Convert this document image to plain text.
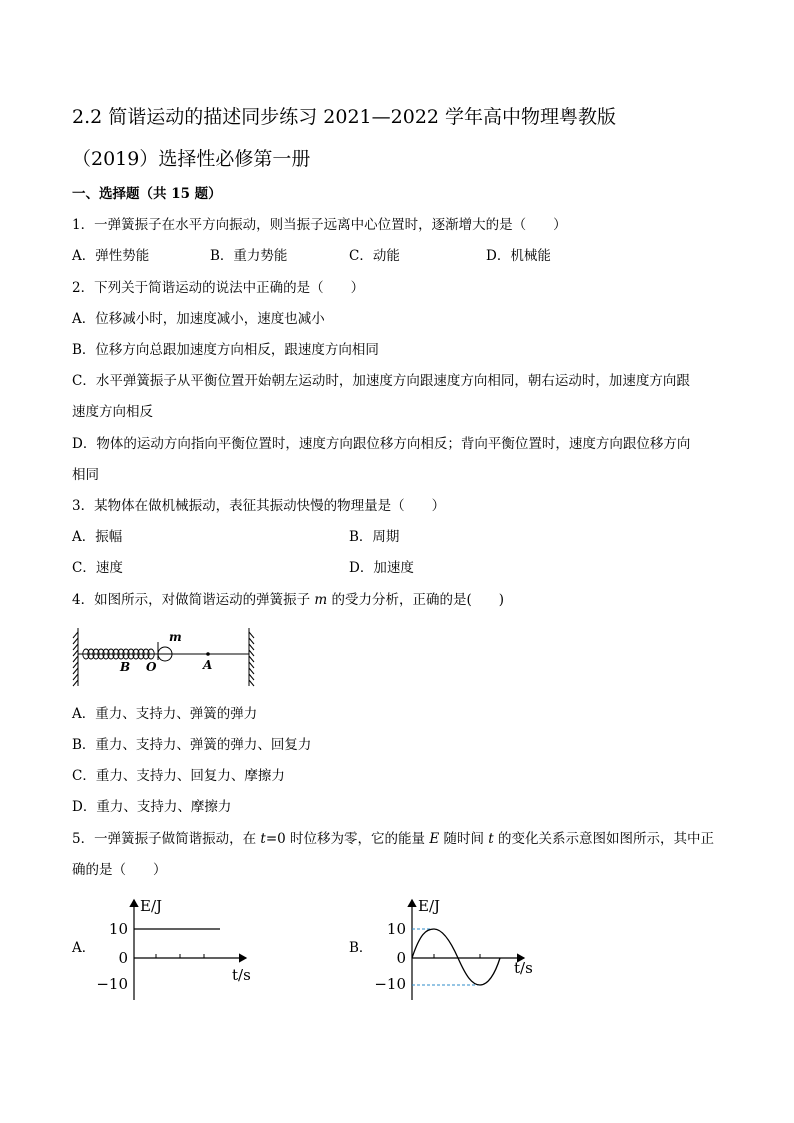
2.2 简谐运动的描述同步练习 2021—2022 学年高中物理粤教版
（2019）选择性必修第一册
一、选择题（共 15 题）
1．一弹簧振子在水平方向振动，则当振子远离中心位置时，逐渐增大的是（　　）
A．弹性势能	B．重力势能	C．动能	D．机械能
2．下列关于简谐运动的说法中正确的是（　　）
A．位移减小时，加速度减小，速度也减小
B．位移方向总跟加速度方向相反，跟速度方向相同
C．水平弹簧振子从平衡位置开始朝左运动时，加速度方向跟速度方向相同，朝右运动时，加速度方向跟
速度方向相反
D．物体的运动方向指向平衡位置时，速度方向跟位移方向相反；背向平衡位置时，速度方向跟位移方向
相同
3．某物体在做机械振动，表征其振动快慢的物理量是（　　）
A．振幅	B．周期
C．速度	D．加速度
4．如图所示，对做简谐运动的弹簧振子 m 的受力分析，正确的是(　　)
m
B O	A
A．重力、支持力、弹簧的弹力
B．重力、支持力、弹簧的弹力、回复力
C．重力、支持力、回复力、摩擦力
D．重力、支持力、摩擦力
5．一弹簧振子做简谐振动，在 t=0 时位移为零，它的能量 E 随时间 t 的变化关系示意图如图所示，其中正
确的是（　　）
A．	B．
E/J
t/s
10
0
−10
E/J
t/s
10
0
−10
